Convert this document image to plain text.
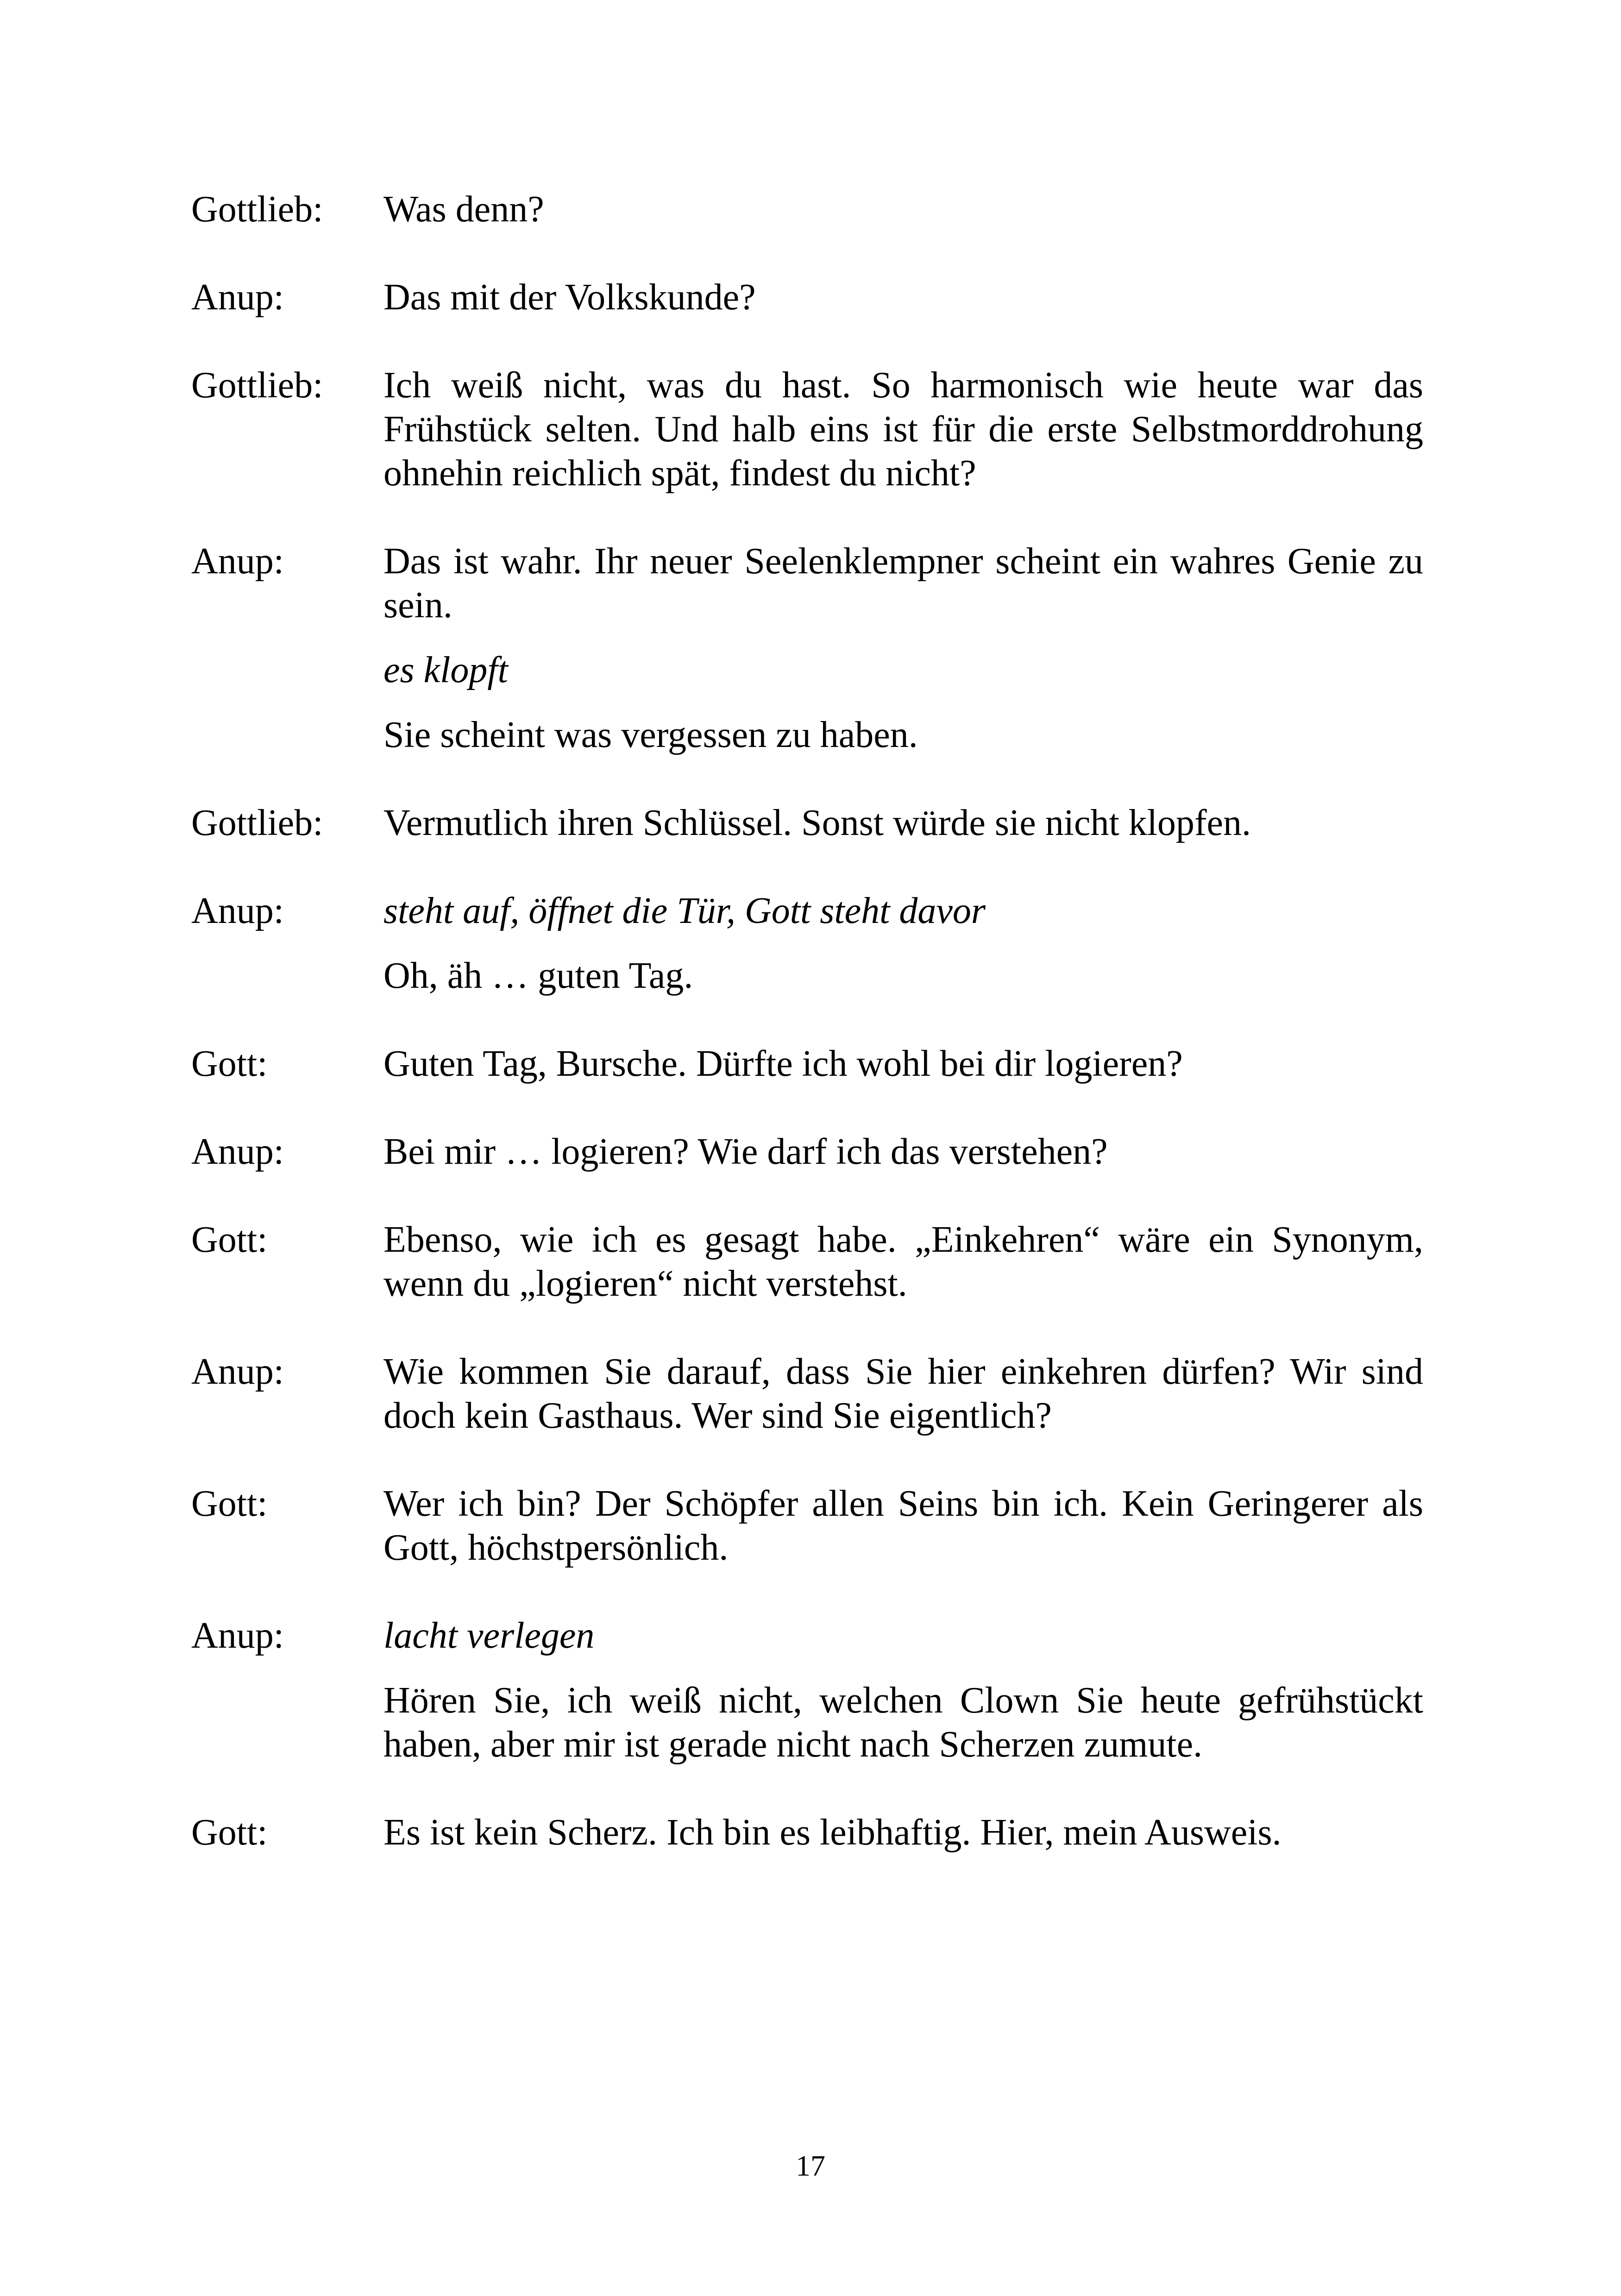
Gottlieb:	Was denn?
Anup:	Das mit der Volkskunde?
Gottlieb:	Ich weiß nicht, was du hast. So harmonisch wie heute war das Frühstück selten. Und halb eins ist für die erste Selbstmorddrohung ohnehin reichlich spät, findest du nicht?
Anup:	Das ist wahr. Ihr neuer Seelenklempner scheint ein wahres Genie zu sein.
es klopft
Sie scheint was vergessen zu haben.
Gottlieb:	Vermutlich ihren Schlüssel. Sonst würde sie nicht klopfen.
Anup:	steht auf, öffnet die Tür, Gott steht davor
Oh, äh … guten Tag.
Gott:	Guten Tag, Bursche. Dürfte ich wohl bei dir logieren?
Anup:	Bei mir … logieren? Wie darf ich das verstehen?
Gott:	Ebenso, wie ich es gesagt habe. „Einkehren“ wäre ein Synonym, wenn du „logieren“ nicht verstehst.
Anup:	Wie kommen Sie darauf, dass Sie hier einkehren dürfen? Wir sind doch kein Gasthaus. Wer sind Sie eigentlich?
Gott:	Wer ich bin? Der Schöpfer allen Seins bin ich. Kein Geringerer als Gott, höchstpersönlich.
Anup:	lacht verlegen
Hören Sie, ich weiß nicht, welchen Clown Sie heute gefrühstückt haben, aber mir ist gerade nicht nach Scherzen zumute.
Gott:	Es ist kein Scherz. Ich bin es leibhaftig. Hier, mein Ausweis.
17
